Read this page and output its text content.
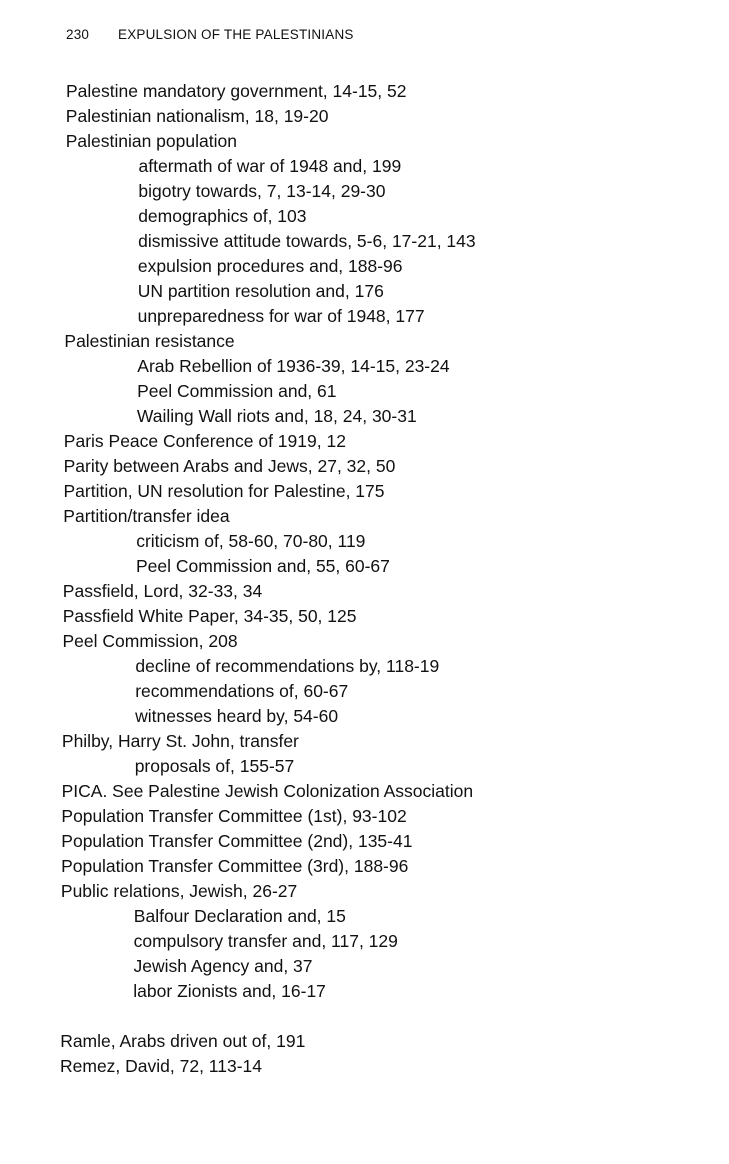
230 EXPULSION OF THE PALESTINIANS
Palestine mandatory government, 14-15, 52
Palestinian nationalism, 18, 19-20
Palestinian population
aftermath of war of 1948 and, 199
bigotry towards, 7, 13-14, 29-30
demographics of, 103
dismissive attitude towards, 5-6, 17-21, 143
expulsion procedures and, 188-96
UN partition resolution and, 176
unpreparedness for war of 1948, 177
Palestinian resistance
Arab Rebellion of 1936-39, 14-15, 23-24
Peel Commission and, 61
Wailing Wall riots and, 18, 24, 30-31
Paris Peace Conference of 1919, 12
Parity between Arabs and Jews, 27, 32, 50
Partition, UN resolution for Palestine, 175
Partition/transfer idea
criticism of, 58-60, 70-80, 119
Peel Commission and, 55, 60-67
Passfield, Lord, 32-33, 34
Passfield White Paper, 34-35, 50, 125
Peel Commission, 208
decline of recommendations by, 118-19
recommendations of, 60-67
witnesses heard by, 54-60
Philby, Harry St. John, transfer
proposals of, 155-57
PICA. See Palestine Jewish Colonization Association
Population Transfer Committee (1st), 93-102
Population Transfer Committee (2nd), 135-41
Population Transfer Committee (3rd), 188-96
Public relations, Jewish, 26-27
Balfour Declaration and, 15
compulsory transfer and, 117, 129
Jewish Agency and, 37
labor Zionists and, 16-17
Ramle, Arabs driven out of, 191
Remez, David, 72, 113-14
